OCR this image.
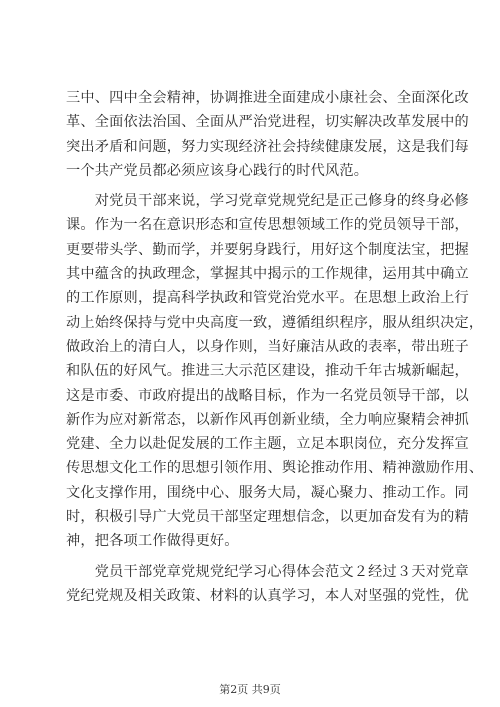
三中、四中全会精神，协调推进全面建成小康社会、全面深化改
革、全面依法治国、全面从严治党进程，切实解决改革发展中的
突出矛盾和问题，努力实现经济社会持续健康发展，这是我们每
一个共产党员都必须应该身心践行的时代风范。
　　对党员干部来说，学习党章党规党纪是正己修身的终身必修
课。作为一名在意识形态和宣传思想领域工作的党员领导干部，
更要带头学、勤而学，并要躬身践行，用好这个制度法宝，把握
其中蕴含的执政理念，掌握其中揭示的工作规律，运用其中确立
的工作原则，提高科学执政和管党治党水平。在思想上政治上行
动上始终保持与党中央高度一致，遵循组织程序，服从组织决定，
做政治上的清白人，以身作则，当好廉洁从政的表率，带出班子
和队伍的好风气。推进三大示范区建设，推动千年古城新崛起，
这是市委、市政府提出的战略目标，作为一名党员领导干部，以
新作为应对新常态，以新作风再创新业绩，全力响应聚精会神抓
党建、全力以赴促发展的工作主题，立足本职岗位，充分发挥宣
传思想文化工作的思想引领作用、舆论推动作用、精神激励作用、
文化支撑作用，围绕中心、服务大局，凝心聚力、推动工作。同
时，积极引导广大党员干部坚定理想信念，以更加奋发有为的精
神，把各项工作做得更好。
　　党员干部党章党规党纪学习心得体会范文２经过３天对党章
党纪党规及相关政策、材料的认真学习，本人对坚强的党性，优
第2页 共9页
